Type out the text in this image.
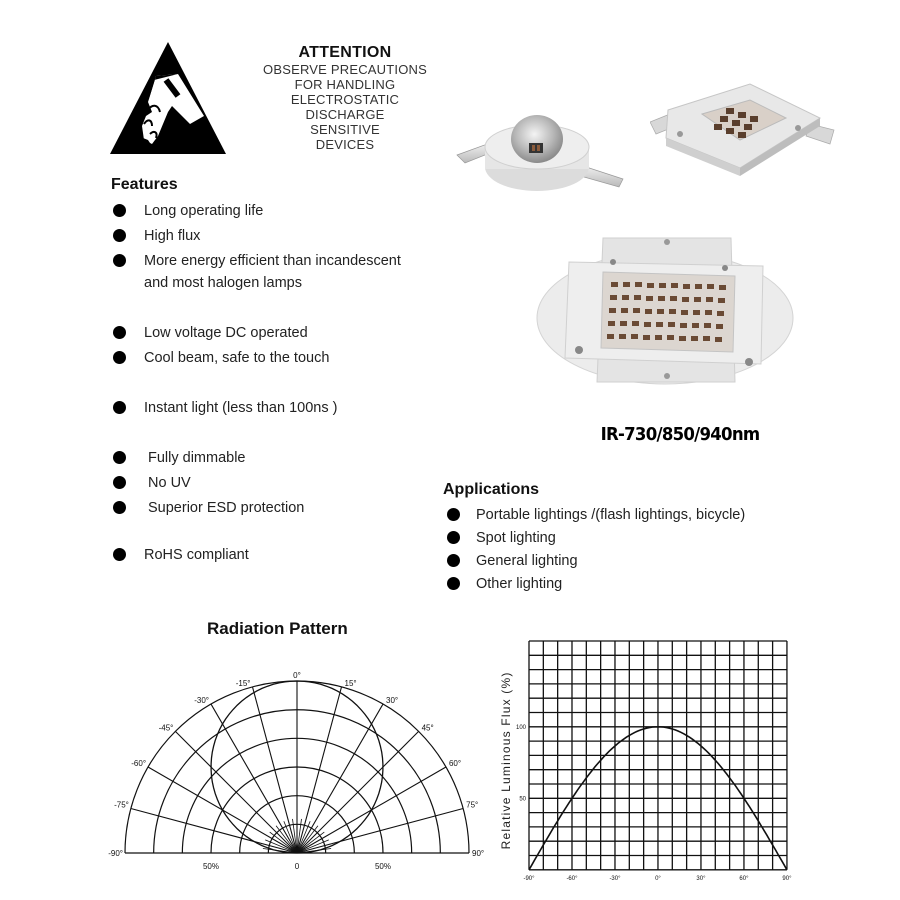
ATTENTION
OBSERVE PRECAUTIONS
FOR HANDLING
ELECTROSTATIC
DISCHARGE
SENSITIVE
DEVICES
IR-730/850/940nm
Features
Long operating life
High flux
More energy efficient than incandescent
and most halogen lamps
Low voltage DC operated
Cool beam, safe to the touch
Instant light (less than 100ns )
Fully dimmable
No UV
Superior ESD protection
RoHS compliant
Applications
Portable lightings /(flash lightings, bicycle)
Spot lighting
General lighting
Other lighting
Radiation Pattern
-90°
-75°
-60°
-45°
-30°
-15°
0°
15°
30°
45°
60°
75°
90°
50%	0	50%
-90°	-60°	-30°	0°	30°	60°	90°
50
100
Relative Luminous Flux (%)
